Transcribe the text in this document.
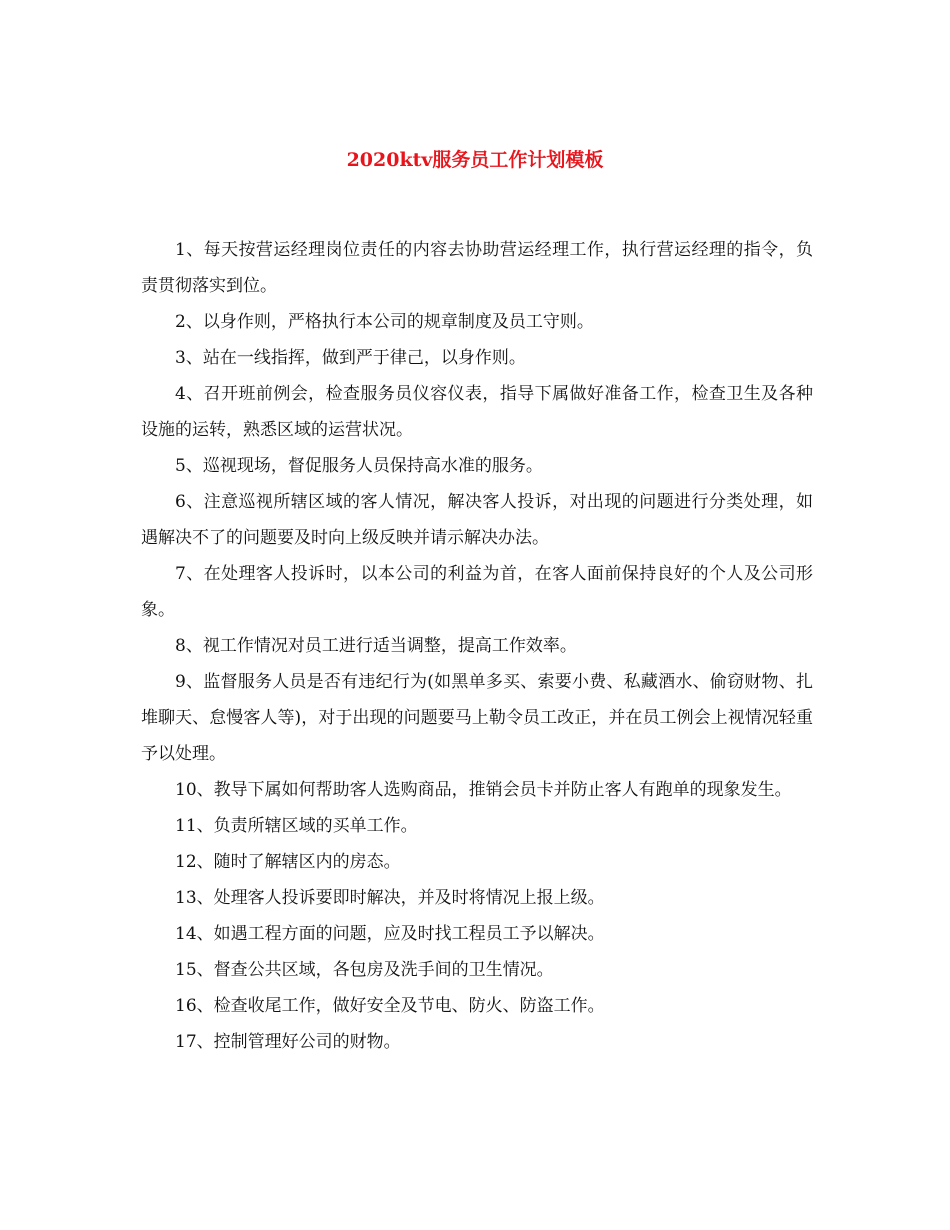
2020ktv服务员工作计划模板

1、每天按营运经理岗位责任的内容去协助营运经理工作，执行营运经理的指令，负责贯彻落实到位。

2、以身作则，严格执行本公司的规章制度及员工守则。

3、站在一线指挥，做到严于律己，以身作则。

4、召开班前例会，检查服务员仪容仪表，指导下属做好准备工作，检查卫生及各种设施的运转，熟悉区域的运营状况。

5、巡视现场，督促服务人员保持高水准的服务。

6、注意巡视所辖区域的客人情况，解决客人投诉，对出现的问题进行分类处理，如遇解决不了的问题要及时向上级反映并请示解决办法。

7、在处理客人投诉时，以本公司的利益为首，在客人面前保持良好的个人及公司形象。

8、视工作情况对员工进行适当调整，提高工作效率。

9、监督服务人员是否有违纪行为(如黑单多买、索要小费、私藏酒水、偷窃财物、扎堆聊天、怠慢客人等)，对于出现的问题要马上勒令员工改正，并在员工例会上视情况轻重予以处理。

10、教导下属如何帮助客人选购商品，推销会员卡并防止客人有跑单的现象发生。

11、负责所辖区域的买单工作。

12、随时了解辖区内的房态。

13、处理客人投诉要即时解决，并及时将情况上报上级。

14、如遇工程方面的问题，应及时找工程员工予以解决。

15、督查公共区域，各包房及洗手间的卫生情况。

16、检查收尾工作，做好安全及节电、防火、防盗工作。

17、控制管理好公司的财物。
